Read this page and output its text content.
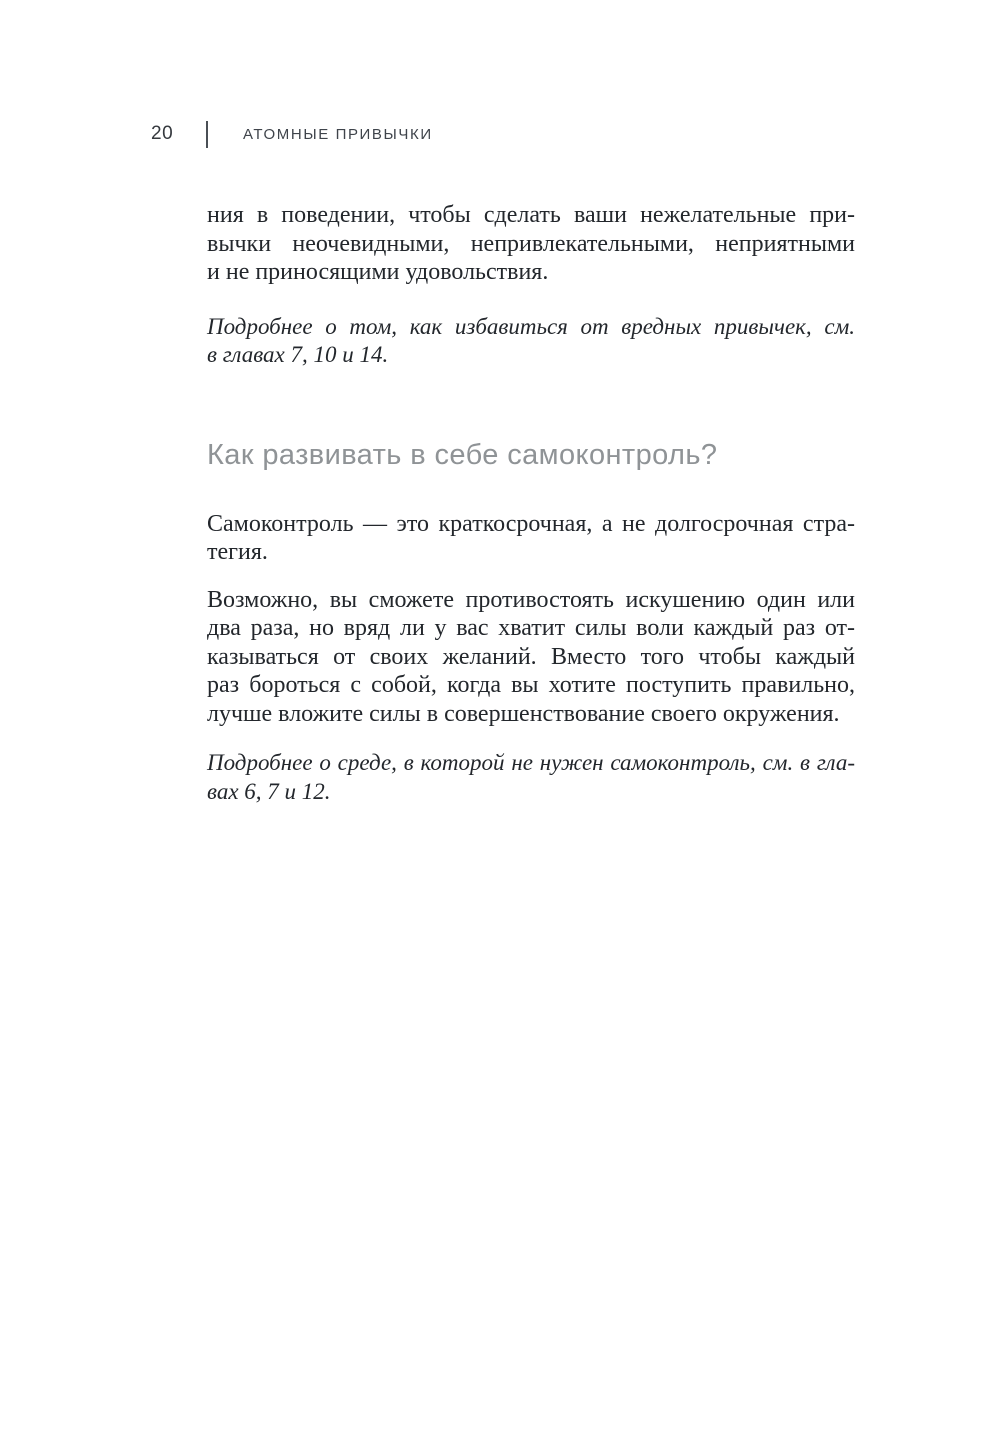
20	АТОМНЫЕ ПРИВЫЧКИ
ния в поведении, чтобы сделать ваши нежелательные при-
вычки неочевидными, непривлекательными, неприятными
и не приносящими удовольствия.
Подробнее о том, как избавиться от вредных привычек, см.
в главах 7, 10 и 14.
Как развивать в себе самоконтроль?
Самоконтроль — это краткосрочная, а не долгосрочная стра-
тегия.
Возможно, вы сможете противостоять искушению один или
два раза, но вряд ли у вас хватит силы воли каждый раз от-
казываться от своих желаний. Вместо того чтобы каждый
раз бороться с собой, когда вы хотите поступить правильно,
лучше вложите силы в совершенствование своего окружения.
Подробнее о среде, в которой не нужен самоконтроль, см. в гла-
вах 6, 7 и 12.
